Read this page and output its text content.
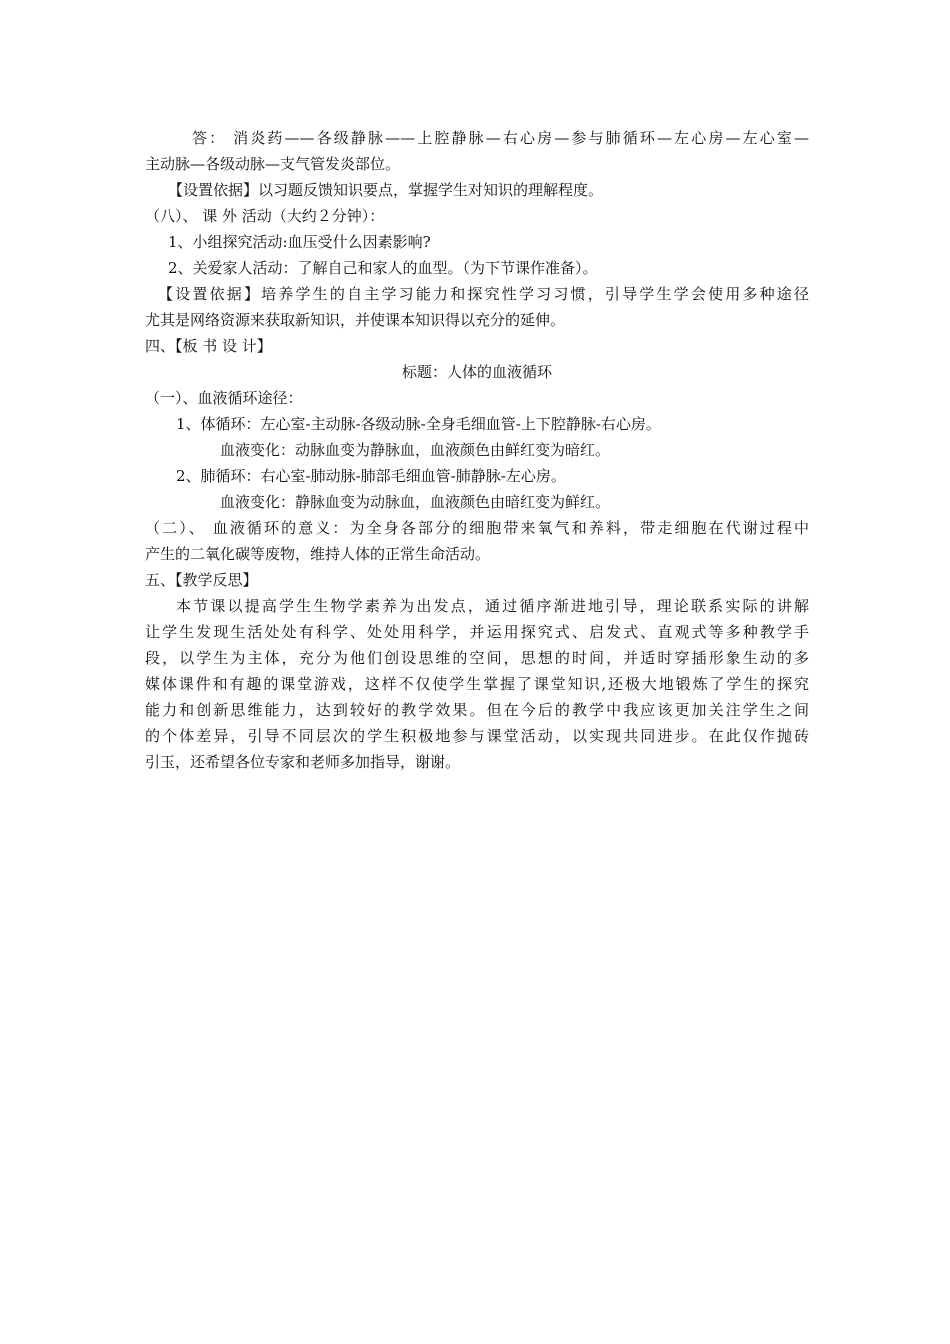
答： 消炎药——各级静脉——上腔静脉—右心房—参与肺循环—左心房—左心室—
主动脉—各级动脉—支气管发炎部位。
【设置依据】以习题反馈知识要点，掌握学生对知识的理解程度。
（八）、 课 外 活动（大约２分钟）：
1、小组探究活动:血压受什么因素影响?
2、关爱家人活动：了解自己和家人的血型。（为下节课作准备）。
【设置依据】培养学生的自主学习能力和探究性学习习惯，引导学生学会使用多种途径
尤其是网络资源来获取新知识，并使课本知识得以充分的延伸。
四、【板 书 设 计】
标题：人体的血液循环
（一）、血液循环途径：
1、体循环：左心室-主动脉-各级动脉-全身毛细血管-上下腔静脉-右心房。
血液变化：动脉血变为静脉血，血液颜色由鲜红变为暗红。
2、肺循环：右心室-肺动脉-肺部毛细血管-肺静脉-左心房。
血液变化：静脉血变为动脉血，血液颜色由暗红变为鲜红。
（二）、 血液循环的意义：为全身各部分的细胞带来氧气和养料，带走细胞在代谢过程中
产生的二氧化碳等废物，维持人体的正常生命活动。
五、【教学反思】
本节课以提高学生生物学素养为出发点，通过循序渐进地引导，理论联系实际的讲解
让学生发现生活处处有科学、处处用科学，并运用探究式、启发式、直观式等多种教学手
段，以学生为主体，充分为他们创设思维的空间，思想的时间，并适时穿插形象生动的多
媒体课件和有趣的课堂游戏，这样不仅使学生掌握了课堂知识,还极大地锻炼了学生的探究
能力和创新思维能力，达到较好的教学效果。但在今后的教学中我应该更加关注学生之间
的个体差异，引导不同层次的学生积极地参与课堂活动，以实现共同进步。在此仅作抛砖
引玉，还希望各位专家和老师多加指导，谢谢。
